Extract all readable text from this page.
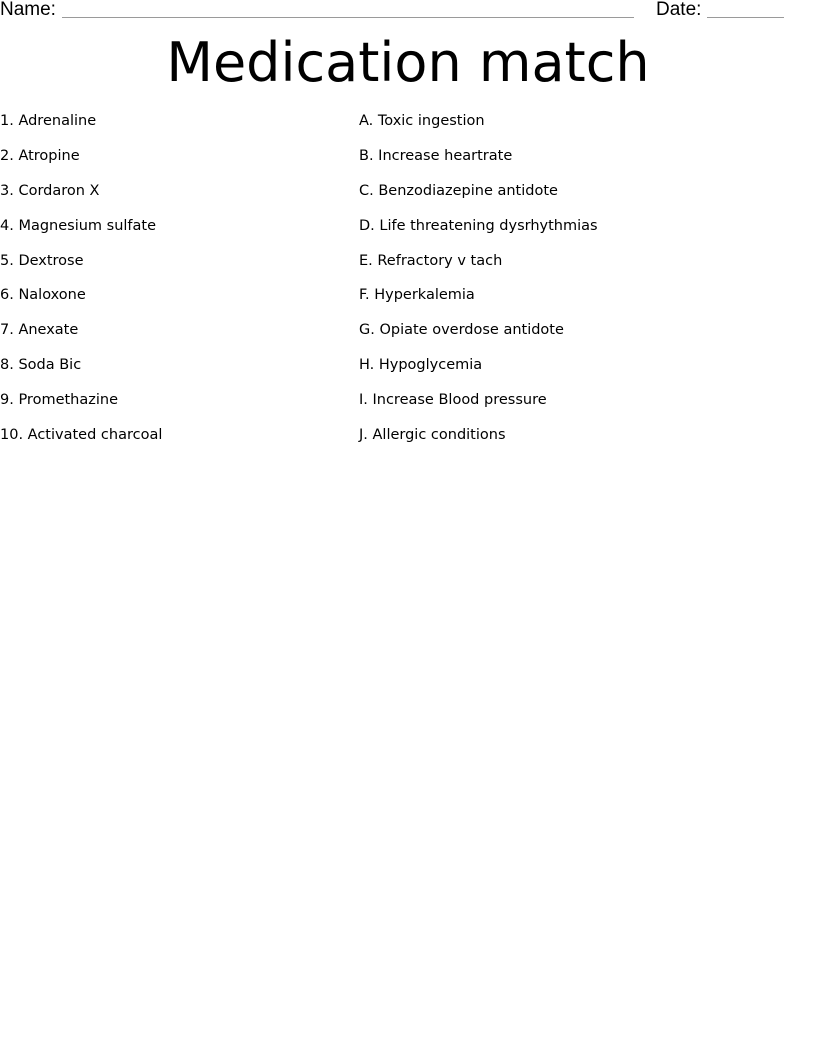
Name:	Date:
Medication match
1. Adrenaline
2. Atropine
3. Cordaron X
4. Magnesium sulfate
5. Dextrose
6. Naloxone
7. Anexate
8. Soda Bic
9. Promethazine
10. Activated charcoal
A. Toxic ingestion
B. Increase heartrate
C. Benzodiazepine antidote
D. Life threatening dysrhythmias
E. Refractory v tach
F. Hyperkalemia
G. Opiate overdose antidote
H. Hypoglycemia
I. Increase Blood pressure
J. Allergic conditions
